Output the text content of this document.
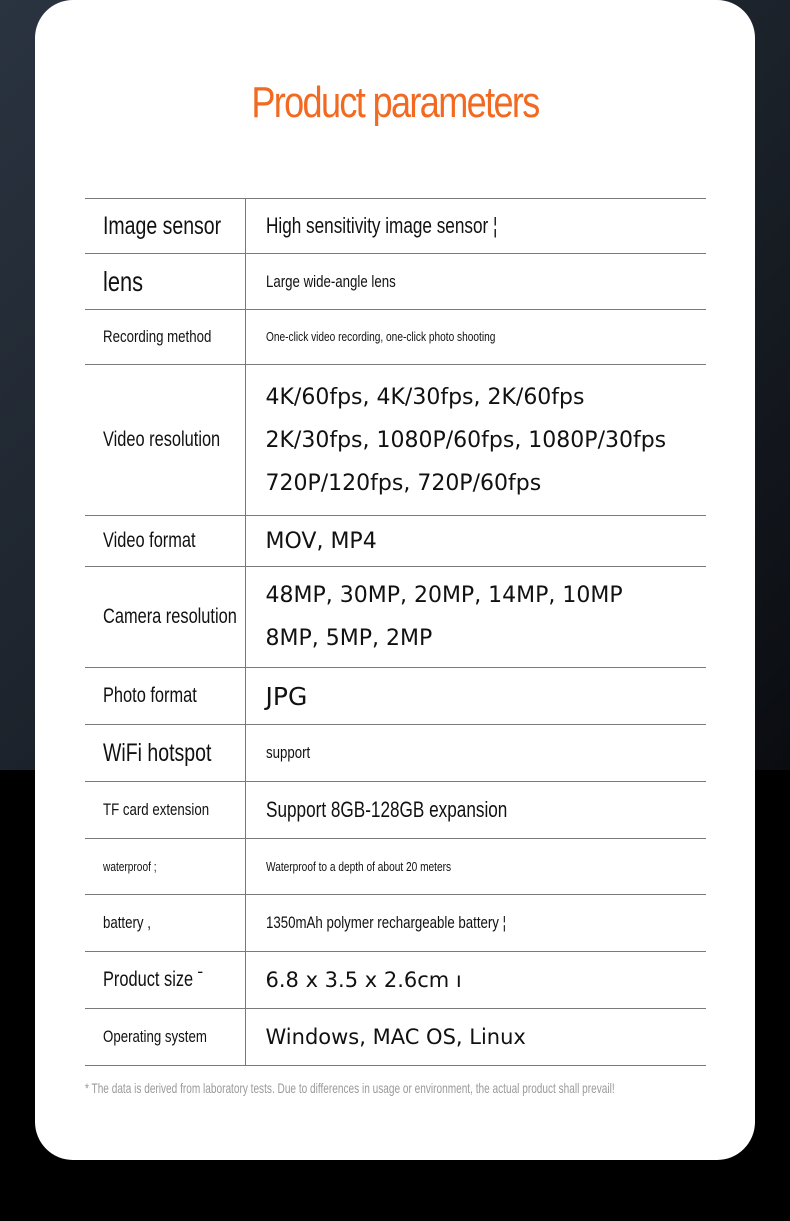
Product parameters
Image sensor	High sensitivity image sensor ¦
lens	Large wide-angle lens
Recording method	One-click video recording, one-click photo shooting
Video resolution	4K/60fps, 4K/30fps, 2K/60fps
2K/30fps, 1080P/60fps, 1080P/30fps
720P/120fps, 720P/60fps

Video format	MOV, MP4
Camera resolution	48MP, 30MP, 20MP, 14MP, 10MP
8MP, 5MP, 2MP

Photo format	JPG
WiFi hotspot	support
TF card extension	Support 8GB-128GB expansion
waterproof ;	Waterproof to a depth of about 20 meters
battery ,	1350mAh polymer rechargeable battery ¦
Product size ˉ	6.8 x 3.5 x 2.6cm ı
Operating system	Windows, MAC OS, Linux
* The data is derived from laboratory tests. Due to differences in usage or environment, the actual product shall prevail!
